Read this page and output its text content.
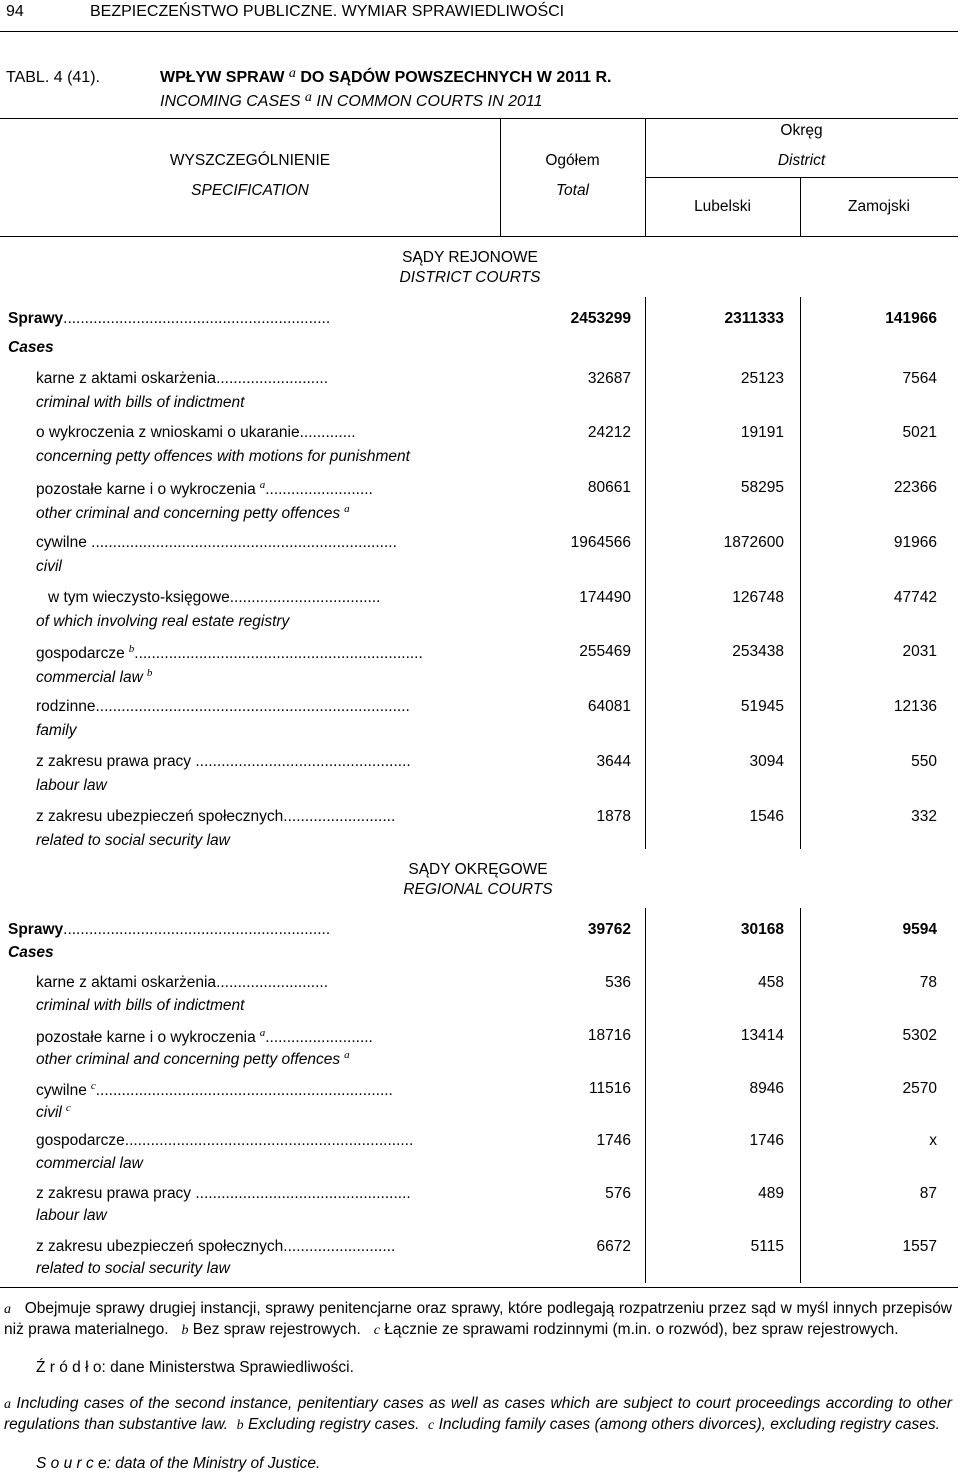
94	BEZPIECZEŃSTWO PUBLICZNE. WYMIAR SPRAWIEDLIWOŚCI
TABL. 4 (41).	WPŁYW SPRAW a DO SĄDÓW POWSZECHNYCH W 2011 R.
INCOMING CASES a IN COMMON COURTS IN 2011
WYSZCZEGÓLNIENIE
SPECIFICATION
Ogółem
Total
Okręg
District
Lubelski	Zamojski
SĄDY REJONOWE
DISTRICT COURTS
Sprawy..............................................................
Cases
2453299	2311333	141966
karne z aktami oskarżenia..........................
criminal with bills of indictment
32687	25123	7564
o wykroczenia z wnioskami o ukaranie.............
concerning petty offences with motions for punishment
24212	19191	5021
pozostałe karne i o wykroczenia $^a$.........................
other criminal and concerning petty offences $^a$
80661	58295	22366
cywilne .......................................................................
civil
1964566	1872600	91966
w tym wieczysto-księgowe...................................
of which involving real estate registry
174490	126748	47742
gospodarcze $^b$...................................................................
commercial law $^b$
255469	253438	2031
rodzinne.........................................................................
family
64081	51945	12136
z zakresu prawa pracy ..................................................
labour law
3644	3094	550
z zakresu ubezpieczeń społecznych..........................
related to social security law
1878	1546	332
SĄDY OKRĘGOWE
REGIONAL COURTS
Sprawy..............................................................
Cases
39762	30168	9594
karne z aktami oskarżenia..........................
criminal with bills of indictment
536	458	78
pozostałe karne i o wykroczenia $^a$.........................
other criminal and concerning petty offences $^a$
18716	13414	5302
cywilne $^c$.....................................................................
civil $^c$
11516	8946	2570
gospodarcze...................................................................
commercial law
1746	1746	x
z zakresu prawa pracy ..................................................
labour law
576	489	87
z zakresu ubezpieczeń społecznych..........................
related to social security law
6672	5115	1557
a Obejmuje sprawy drugiej instancji, sprawy penitencjarne oraz sprawy, które podlegają rozpatrzeniu przez sąd w myśl innych przepisów niż prawa materialnego. b Bez spraw rejestrowych. c Łącznie ze sprawami rodzinnymi (m.in. o rozwód), bez spraw rejestrowych.
Ź r ó d ł o: dane Ministerstwa Sprawiedliwości.
a Including cases of the second instance, penitentiary cases as well as cases which are subject to court proceedings according to other regulations than substantive law. b Excluding registry cases. c Including family cases (among others divorces), excluding registry cases.
S o u r c e: data of the Ministry of Justice.
